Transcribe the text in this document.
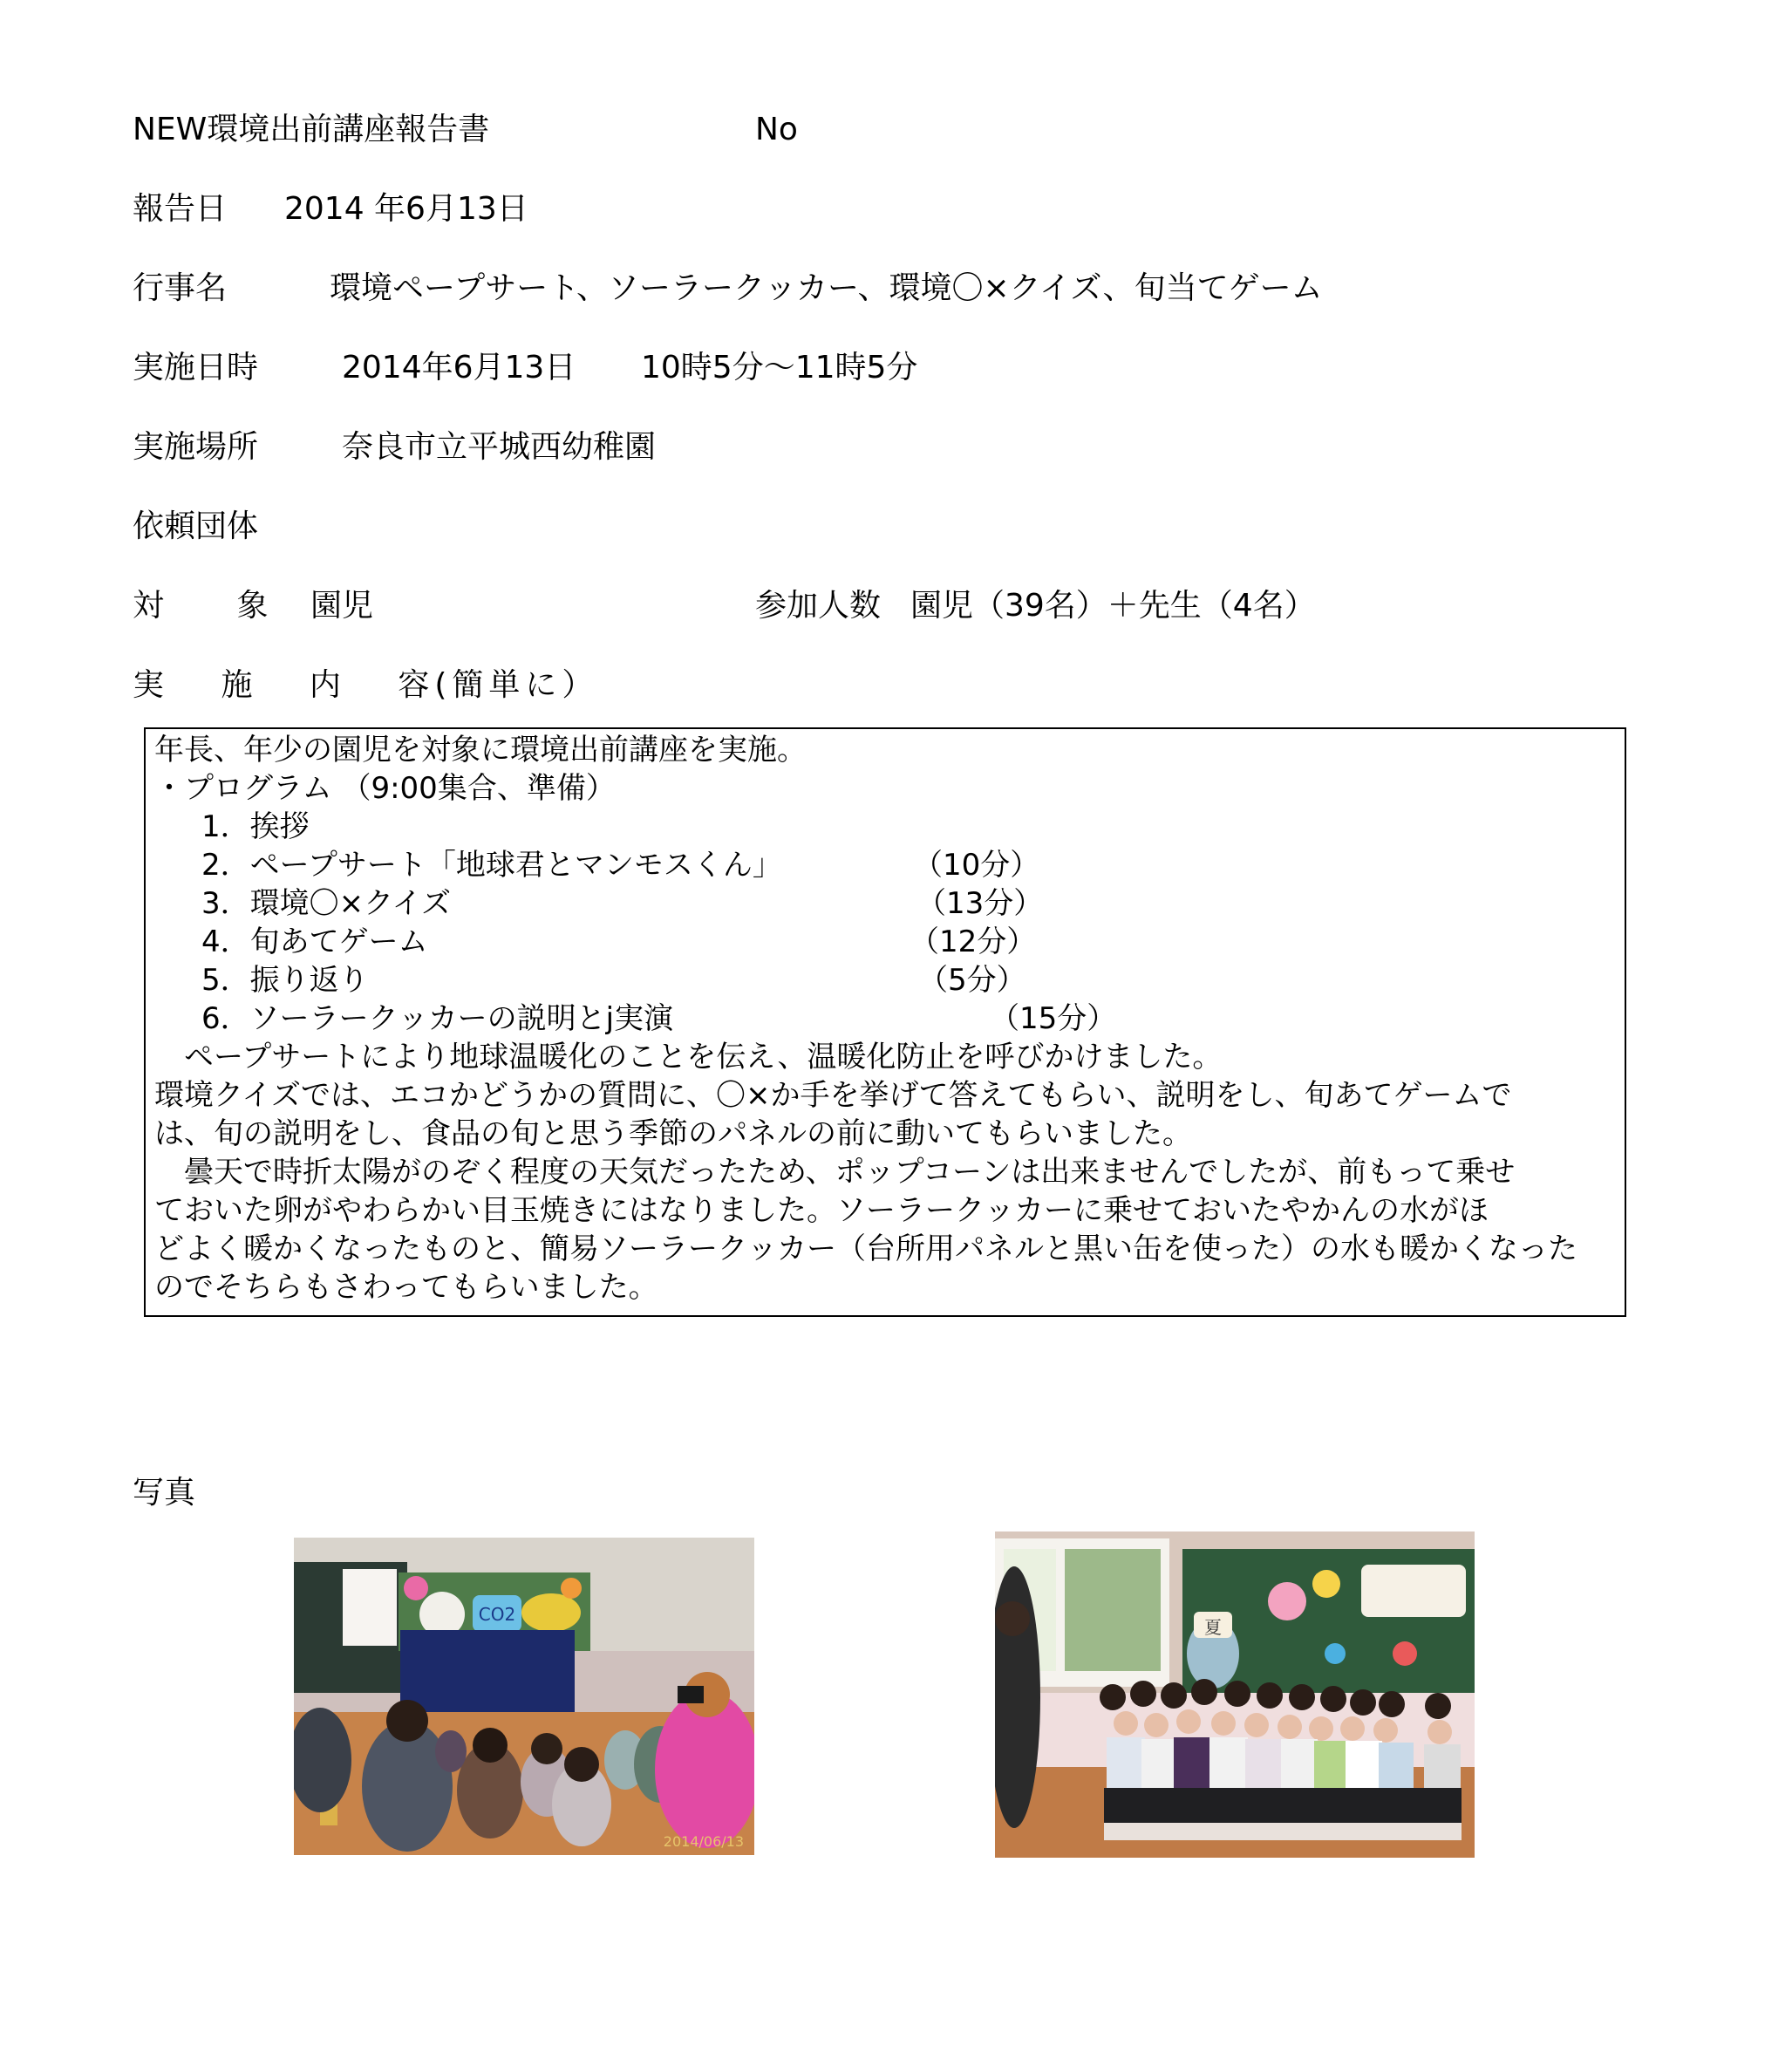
NEW環境出前講座報告書	No
報告日 2014 年6月13日
行事名	環境ペープサート、ソーラークッカー、環境〇×クイズ、旬当てゲーム
実施日時	2014年6月13日 10時5分～11時5分
実施場所	奈良市立平城西幼稚園
依頼団体
対　 象 園児	参加人数 園児（39名）＋先生（4名）
実　 施　 内　 容(簡単に）
年長、年少の園児を対象に環境出前講座を実施。
・プログラム （9:00集合、準備）
1．挨拶
2．ペープサート「地球君とマンモスくん」	（10分）
3．環境〇×クイズ	（13分）
4．旬あてゲーム	（12分）
5．振り返り	（5分）
6．ソーラークッカーの説明とj実演	（15分）
　ペープサートにより地球温暖化のことを伝え、温暖化防止を呼びかけました。
環境クイズでは、エコかどうかの質問に、〇×か手を挙げて答えてもらい、説明をし、旬あてゲームで
は、旬の説明をし、食品の旬と思う季節のパネルの前に動いてもらいました。
　曇天で時折太陽がのぞく程度の天気だったため、ポップコーンは出来ませんでしたが、前もって乗せ
ておいた卵がやわらかい目玉焼きにはなりました。ソーラークッカーに乗せておいたやかんの水がほ
どよく暖かくなったものと、簡易ソーラークッカー（台所用パネルと黒い缶を使った）の水も暖かくなった
のでそちらもさわってもらいました。
写真
CO2
2014/06/13
夏
